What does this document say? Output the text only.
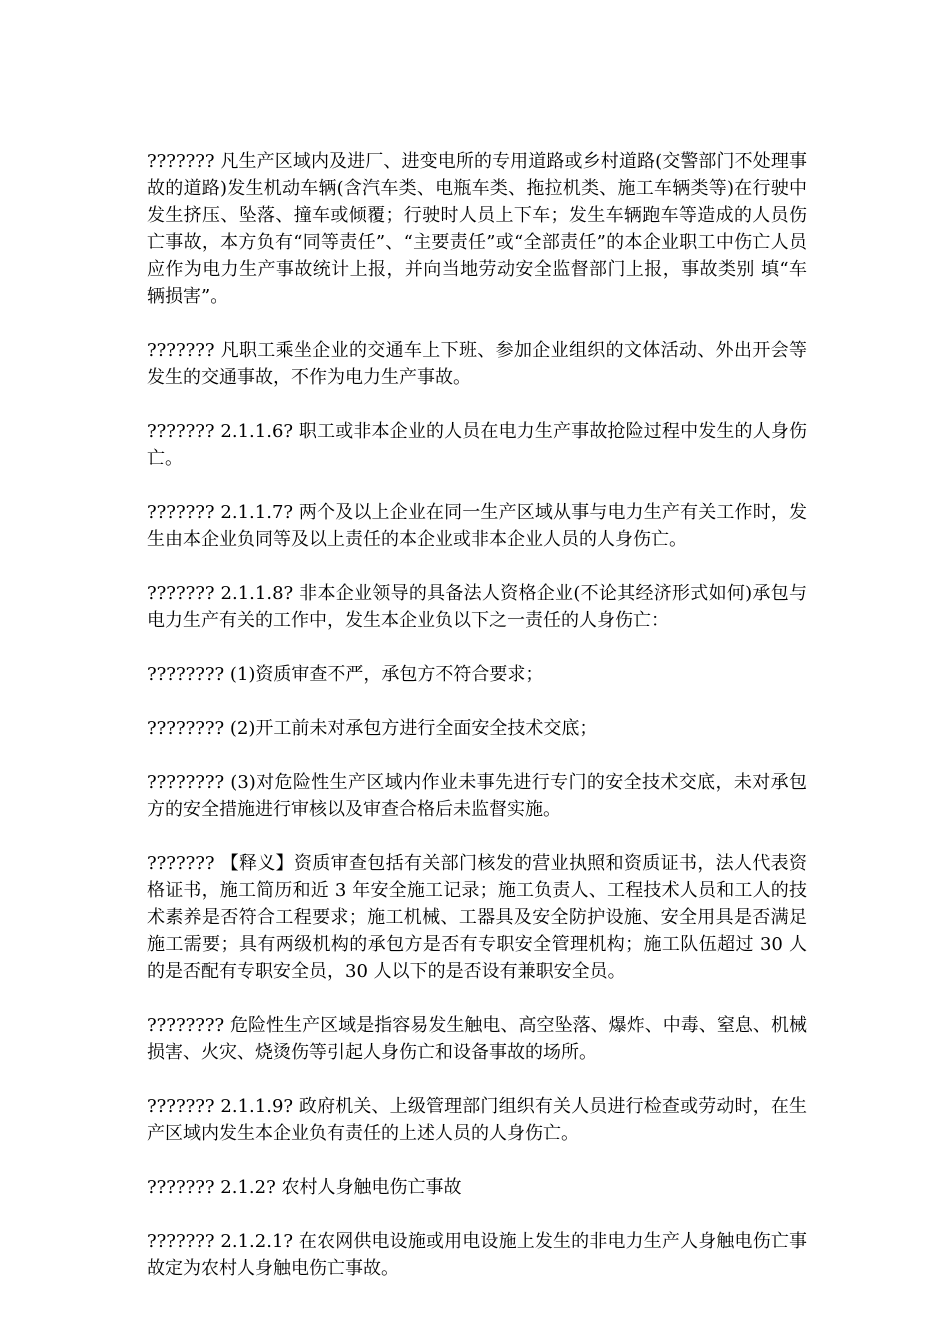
??????? 凡生产区域内及进厂、进变电所的专用道路或乡村道路(交警部门不处理事故的道路)发生机动车辆(含汽车类、电瓶车类、拖拉机类、施工车辆类等)在行驶中发生挤压、坠落、撞车或倾覆；行驶时人员上下车；发生车辆跑车等造成的人员伤亡事故，本方负有“同等责任”、“主要责任”或“全部责任”的本企业职工中伤亡人员应作为电力生产事故统计上报，并向当地劳动安全监督部门上报，事故类别 填“车辆损害”。

??????? 凡职工乘坐企业的交通车上下班、参加企业组织的文体活动、外出开会等发生的交通事故，不作为电力生产事故。

??????? 2.1.1.6? 职工或非本企业的人员在电力生产事故抢险过程中发生的人身伤亡。

??????? 2.1.1.7? 两个及以上企业在同一生产区域从事与电力生产有关工作时，发生由本企业负同等及以上责任的本企业或非本企业人员的人身伤亡。

??????? 2.1.1.8? 非本企业领导的具备法人资格企业(不论其经济形式如何)承包与电力生产有关的工作中，发生本企业负以下之一责任的人身伤亡：

???????? (1)资质审查不严，承包方不符合要求；

???????? (2)开工前未对承包方进行全面安全技术交底；

???????? (3)对危险性生产区域内作业未事先进行专门的安全技术交底，未对承包方的安全措施进行审核以及审查合格后未监督实施。

??????? 【释义】资质审查包括有关部门核发的营业执照和资质证书，法人代表资格证书，施工简历和近 3 年安全施工记录；施工负责人、工程技术人员和工人的技术素养是否符合工程要求；施工机械、工器具及安全防护设施、安全用具是否满足施工需要；具有两级机构的承包方是否有专职安全管理机构；施工队伍超过 30 人的是否配有专职安全员，30 人以下的是否设有兼职安全员。

???????? 危险性生产区域是指容易发生触电、高空坠落、爆炸、中毒、窒息、机械损害、火灾、烧烫伤等引起人身伤亡和设备事故的场所。

??????? 2.1.1.9? 政府机关、上级管理部门组织有关人员进行检查或劳动时，在生产区域内发生本企业负有责任的上述人员的人身伤亡。

??????? 2.1.2? 农村人身触电伤亡事故

??????? 2.1.2.1? 在农网供电设施或用电设施上发生的非电力生产人身触电伤亡事故定为农村人身触电伤亡事故。
